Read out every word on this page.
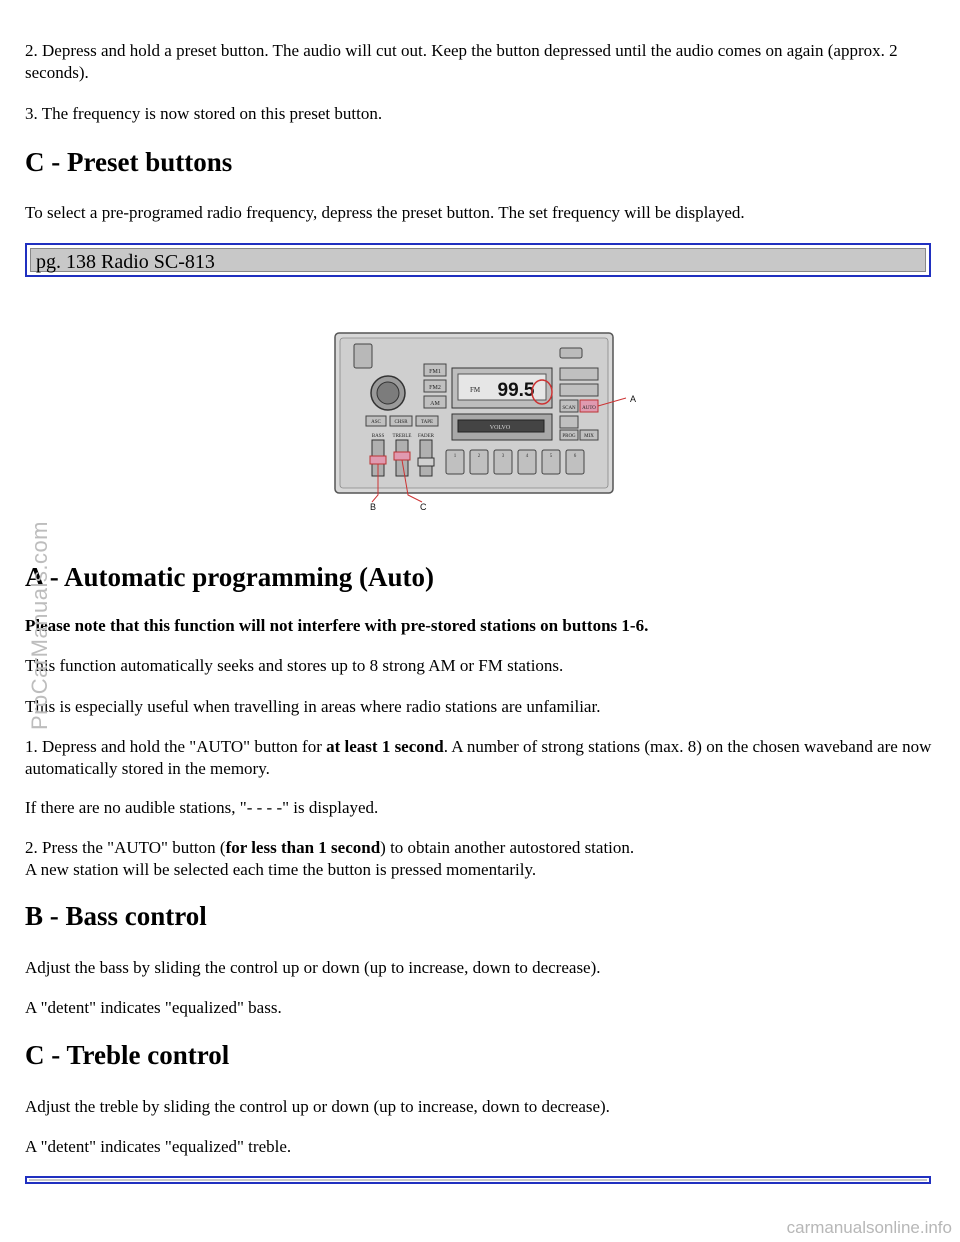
2. Depress and hold a preset button. The audio will cut out. Keep the button depressed until the audio comes on again (approx. 2 seconds).

3. The frequency is now stored on this preset button.

C - Preset buttons

To select a pre-programed radio frequency, depress the preset button. The set frequency will be displayed.

pg. 138 Radio SC-813
FM1
FM2
AM
FM 99.5
VOLVO
SCAN AUTO
PROG MIX
ASC	CHSR	TAPE
BASS TREBLE FADER
1	2	3	4	5	6
A
B	C
A - Automatic programming (Auto)

Please note that this function will not interfere with pre-stored stations on buttons 1-6.

This function automatically seeks and stores up to 8 strong AM or FM stations.

This is especially useful when travelling in areas where radio stations are unfamiliar.

1. Depress and hold the "AUTO" button for at least 1 second. A number of strong stations (max. 8) on the chosen waveband are now automatically stored in the memory.

If there are no audible stations, "- - - -" is displayed.

2. Press the "AUTO" button (for less than 1 second) to obtain another autostored station.
A new station will be selected each time the button is pressed momentarily.

B - Bass control

Adjust the bass by sliding the control up or down (up to increase, down to decrease).

A "detent" indicates "equalized" bass.

C - Treble control

Adjust the treble by sliding the control up or down (up to increase, down to decrease).

A "detent" indicates "equalized" treble.

ProCarManuals.com
carmanualsonline.info
